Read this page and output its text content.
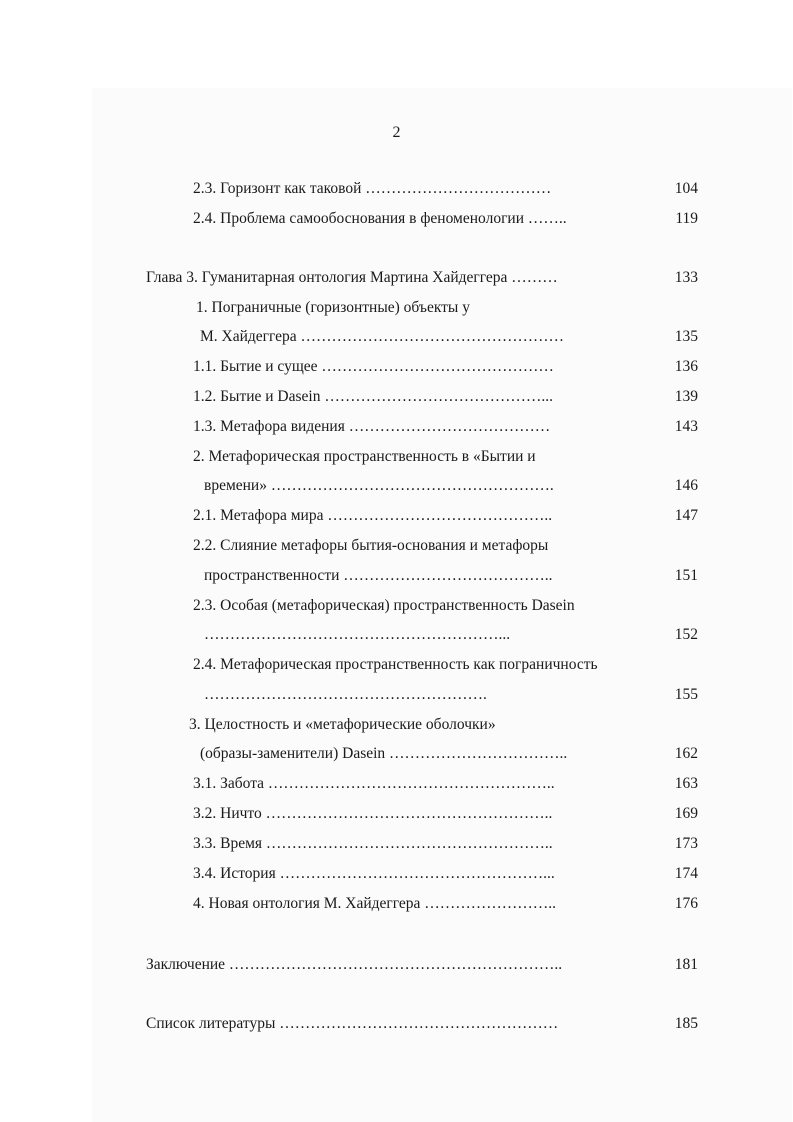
2
2.3. Горизонт как таковой ………………………………	104
2.4. Проблема самообоснования в феноменологии ……..	119
Глава 3. Гуманитарная онтология Мартина Хайдеггера ………	133
1. Пограничные (горизонтные) объекты у
М. Хайдеггера ……………………………………………	135
1.1. Бытие и сущее ………………………………………	136
1.2. Бытие и Dasein ……………………………………...	139
1.3. Метафора видения …………………………………	143
2. Метафорическая пространственность в «Бытии и
времени» ……………………………………………….	146
2.1. Метафора мира ……………………………………..	147
2.2. Слияние метафоры бытия-основания и метафоры
пространственности …………………………………..	151
2.3. Особая (метафорическая) пространственность Dasein
…………………………………………………...	152
2.4. Метафорическая пространственность как пограничность
……………………………………………….	155
3. Целостность и «метафорические оболочки»
(образы-заменители) Dasein ……………………………..	162
3.1. Забота ………………………………………………..	163
3.2. Ничто ………………………………………………..	169
3.3. Время ………………………………………………..	173
3.4. История ……………………………………………...	174
4. Новая онтология М. Хайдеггера ……………………..	176
Заключение ………………………………………………………..	181
Список литературы ………………………………………………	185
